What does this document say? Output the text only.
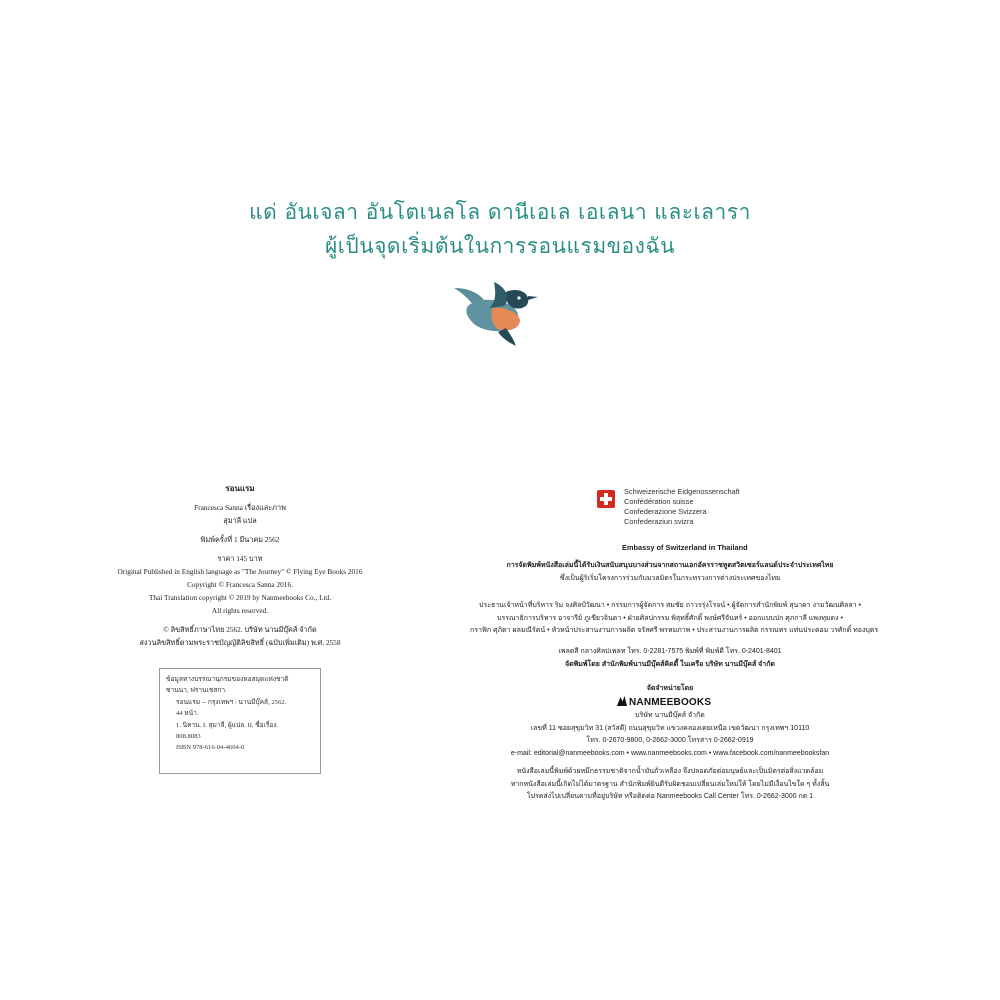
แด่ อันเจลา อันโตเนลโล ดานีเอเล เอเลนา และเลารา
ผู้เป็นจุดเริ่มต้นในการรอนแรมของฉัน
รอนแรม
Francesca Sanna เรื่องและภาพ
สุมาลี แปล
พิมพ์ครั้งที่ 1 มีนาคม 2562
ราคา 145 บาท
Original Published in English language as "The Journey" © Flying Eye Books 2016
Copyright © Francesca Sanna 2016.
Thai Translation copyright © 2019 by Nanmeebooks Co., Ltd.
All rights reserved.
© ลิขสิทธิ์ภาษาไทย 2562. บริษัท นานมีบุ๊คส์ จำกัด
สงวนลิขสิทธิ์ตามพระราชบัญญัติลิขสิทธิ์ (ฉบับเพิ่มเติม) พ.ศ. 2558
ข้อมูลทางบรรณานุกรมของหอสมุดแห่งชาติ
ซานนา, ฟรานเชสกา.
รอนแรม -- กรุงเทพฯ : นานมีบุ๊คส์, 2562.
44 หน้า.
1. นิทาน. I. สุมาลี, ผู้แปล. II. ชื่อเรื่อง.
808.8083
ISBN 978-616-04-4604-0
Schweizerische Eidgenossenschaft
Confédération suisse
Confederazione Svizzera
Confederaziun svizra
Embassy of Switzerland in Thailand
การจัดพิมพ์หนังสือเล่มนี้ได้รับเงินสนับสนุนบางส่วนจากสถานเอกอัครราชทูตสวิตเซอร์แลนด์ประจำประเทศไทย
ซึ่งเป็นผู้ริเริ่มโครงการร่วมกับมวลมิตรในกระทรวงการต่างประเทศของไทย
ประธานเจ้าหน้าที่บริหาร ริม จงศิลป์วัฒนา • กรรมการผู้จัดการ สมชัย ถาวรรุ่งโรจน์ • ผู้จัดการสำนักพิมพ์ สุนาดา งามวัฒนศิลลา •
บรรณาธิการบริหาร อาจารีย์ ภูเขียวจินดา • ฝ่ายศิลปกรรม พิสุทธิ์ศักดิ์ พงษ์ศรีจันทร์ • ออกแบบปก ศุภกาลี แพงทุมดง •
กราฟิก ศุภิดา ผลมณีรัตน์ • หัวหน้าประสานงานการผลิต จรัสศรี พรหมภาพ • ประสานงานการผลิต กรรณทร แท่นประดอม วรศักดิ์ ทองบุตร
เพลตสี กลางศิลปเพลท โทร. 0-2281-7575 พิมพ์ที่ พิมพ์ดี โทร. 0-2401-8401
จัดพิมพ์โดย สำนักพิมพ์นานมีบุ๊คส์คิดดี้ ในเครือ บริษัท นานมีบุ๊คส์ จำกัด
จัดจำหน่ายโดย
NANMEEBOOKS
บริษัท นานมีบุ๊คส์ จำกัด
เลขที่ 11 ซอยสุขุมวิท 31 (สวัสดี) ถนนสุขุมวิท แขวงคลองเตยเหนือ เขตวัฒนา กรุงเทพฯ 10110
โทร. 0-2670-9800, 0-2662-3000 โทรสาร 0-2662-0919
e-mail: editorial@nanmeebooks.com • www.nanmeebooks.com • www.facebook.com/nanmeebooksfan
หนังสือเล่มนี้พิมพ์ด้วยหมึกธรรมชาติจากน้ำมันถั่วเหลือง จึงปลอดภัยต่อมนุษย์และเป็นมิตรต่อสิ่งแวดล้อม
หากหนังสือเล่มนี้เกิดไม่ได้มาตรฐาน สำนักพิมพ์ยินดีรับผิดชอบเปลี่ยนเล่มใหม่ให้ โดยไม่มีเงื่อนไขใด ๆ ทั้งสิ้น
โปรดส่งไปเปลี่ยนตามที่อยู่บริษัท หรือติดต่อ Nanmeebooks Call Center โทร. 0-2662-3000 กด 1
